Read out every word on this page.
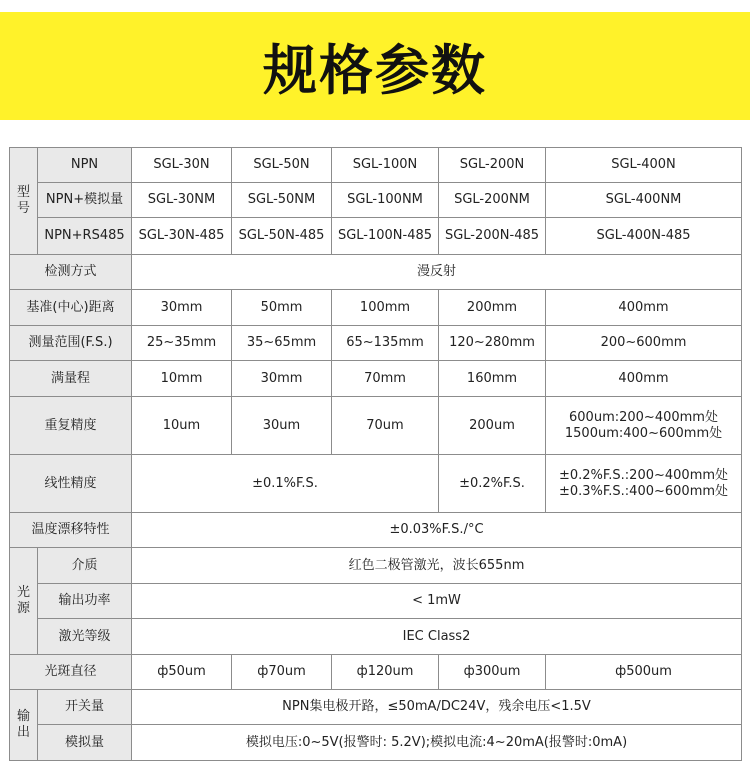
规格参数
型
号	NPN	SGL-30N	SGL-50N	SGL-100N	SGL-200N	SGL-400N
	NPN+模拟量	SGL-30NM	SGL-50NM	SGL-100NM	SGL-200NM	SGL-400NM
	NPN+RS485	SGL-30N-485	SGL-50N-485	SGL-100N-485	SGL-200N-485	SGL-400N-485
检测方式		漫反射				
基准(中心)距离		30mm	50mm	100mm	200mm	400mm
测量范围(F.S.)		25~35mm	35~65mm	65~135mm	120~280mm	200~600mm
满量程		10mm	30mm	70mm	160mm	400mm
重复精度		10um	30um	70um	200um	600um:200~400mm处
1500um:400~600mm处

线性精度		±0.1%F.S.			±0.2%F.S.	±0.2%F.S.:200~400mm处
±0.3%F.S.:400~600mm处

温度漂移特性		±0.03%F.S./°C				

光
源	介质	红色二极管激光，波长655nm				
	输出功率	< 1mW				
	激光等级	IEC Class2				
光斑直径		ф50um	ф70um	ф120um	ф300um	ф500um

输
出	开关量	NPN集电极开路，≤50mA/DC24V，残余电压<1.5V				
	模拟量	模拟电压:0~5V(报警时: 5.2V);模拟电流:4~20mA(报警时:0mA)				
